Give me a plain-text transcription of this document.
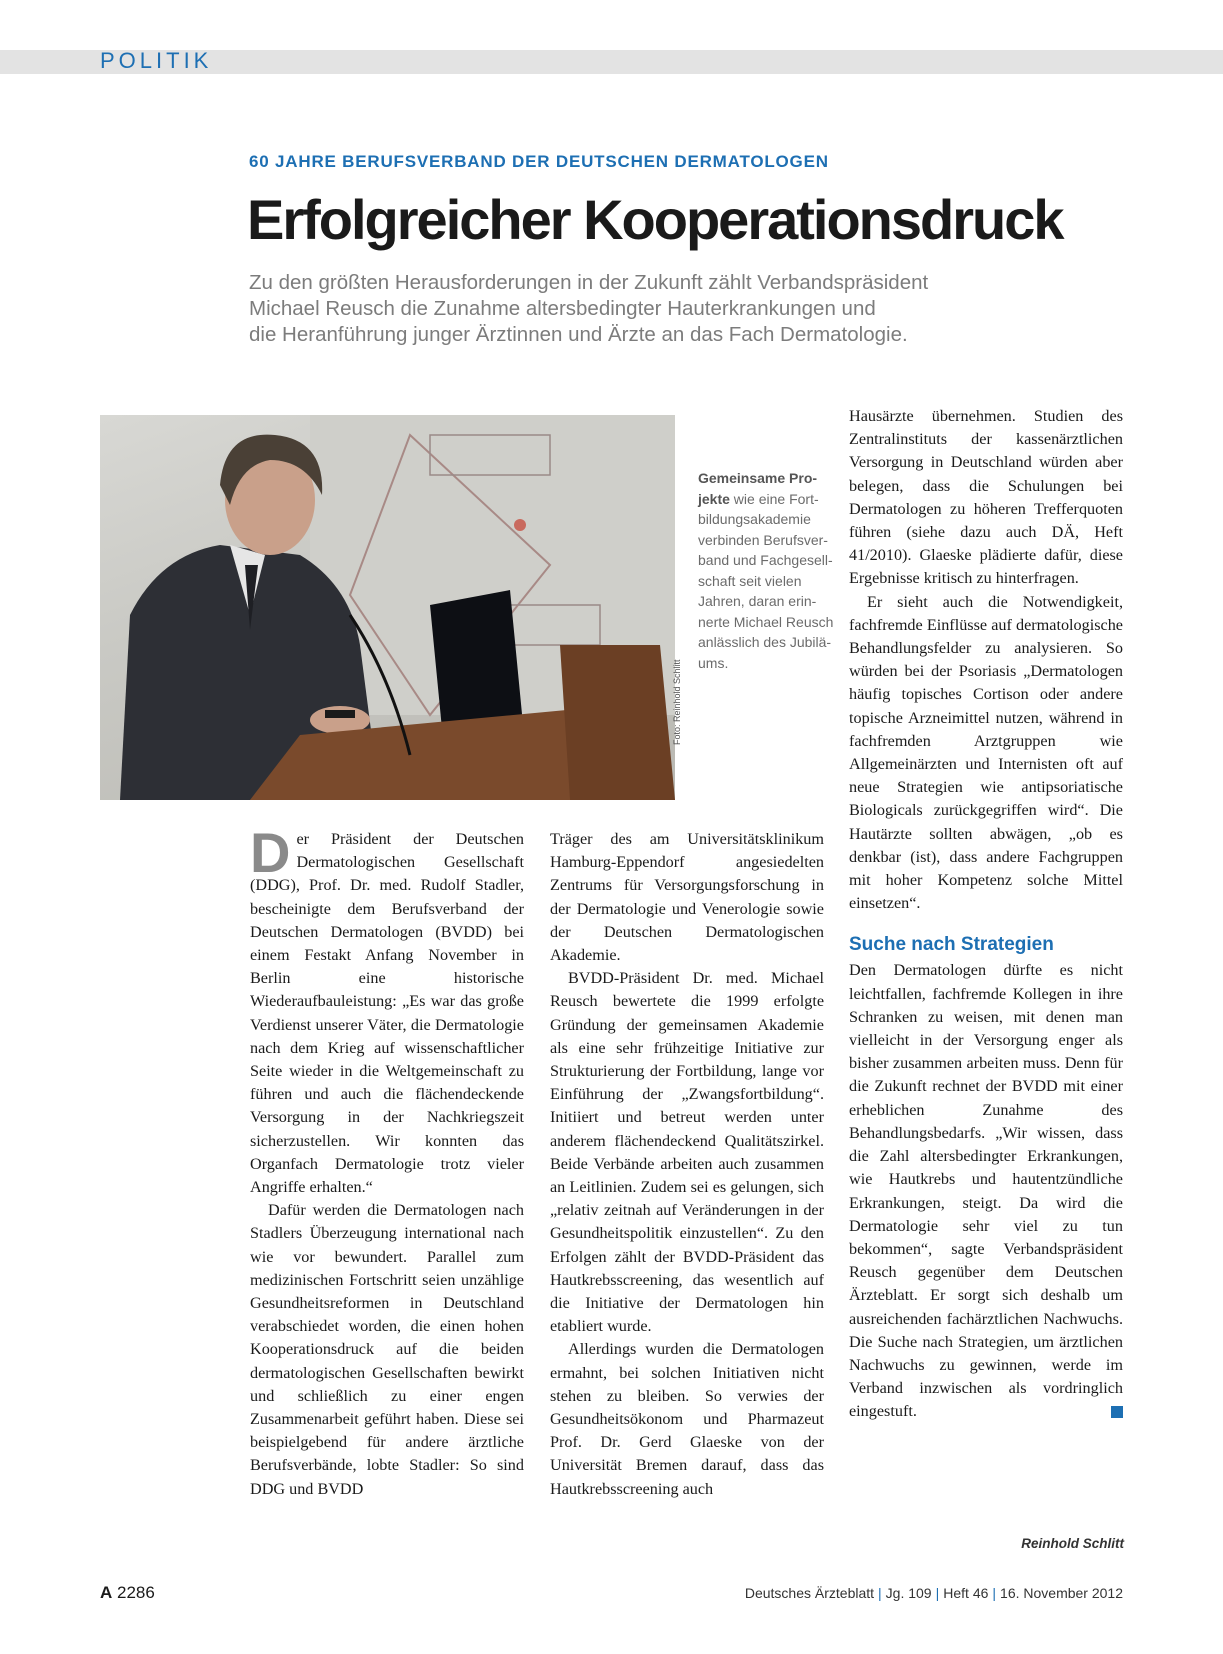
POLITIK
60 JAHRE BERUFSVERBAND DER DEUTSCHEN DERMATOLOGEN
Erfolgreicher Kooperationsdruck
Zu den größten Herausforderungen in der Zukunft zählt Verbandspräsident
Michael Reusch die Zunahme altersbedingter Hauterkrankungen und
die Heranführung junger Ärztinnen und Ärzte an das Fach Dermatologie.
Foto: Reinhold Schlitt
Gemeinsame Pro-
jekte wie eine Fort-
bildungsakademie
verbinden Berufsver-
band und Fachgesell-
schaft seit vielen
Jahren, daran erin-
nerte Michael Reusch
anlässlich des Jubilä-
ums.

Der Präsident der Deutschen Dermatologischen Gesellschaft (DDG), Prof. Dr. med. Rudolf Stadler, bescheinigte dem Berufsverband der Deutschen Dermatologen (BVDD) bei einem Festakt Anfang November in Berlin eine historische Wiederaufbauleistung: „Es war das große Verdienst unserer Väter, die Dermatologie nach dem Krieg auf wissenschaftlicher Seite wieder in die Weltgemeinschaft zu führen und auch die flächendeckende Versorgung in der Nachkriegszeit sicherzustellen. Wir konnten das Organfach Dermatologie trotz vieler Angriffe erhalten.“

Dafür werden die Dermatologen nach Stadlers Überzeugung international nach wie vor bewundert. Parallel zum medizinischen Fortschritt seien unzählige Gesundheitsreformen in Deutschland verabschiedet worden, die einen hohen Kooperationsdruck auf die beiden dermatologischen Gesellschaften bewirkt und schließlich zu einer engen Zusammenarbeit geführt haben. Diese sei beispielgebend für andere ärztliche Berufsverbände, lobte Stadler: So sind DDG und BVDD

Träger des am Universitätsklinikum Hamburg-Eppendorf angesiedelten Zentrums für Versorgungsforschung in der Dermatologie und Venerologie sowie der Deutschen Dermatologischen Akademie.

BVDD-Präsident Dr. med. Michael Reusch bewertete die 1999 erfolgte Gründung der gemeinsamen Akademie als eine sehr frühzeitige Initiative zur Strukturierung der Fortbildung, lange vor Einführung der „Zwangsfortbildung“. Initiiert und betreut werden unter anderem flächendeckend Qualitätszirkel. Beide Verbände arbeiten auch zusammen an Leitlinien. Zudem sei es gelungen, sich „relativ zeitnah auf Veränderungen in der Gesundheitspolitik einzustellen“. Zu den Erfolgen zählt der BVDD-Präsident das Hautkrebsscreening, das wesentlich auf die Initiative der Dermatologen hin etabliert wurde.

Allerdings wurden die Dermatologen ermahnt, bei solchen Initiativen nicht stehen zu bleiben. So verwies der Gesundheitsökonom und Pharmazeut Prof. Dr. Gerd Glaeske von der Universität Bremen darauf, dass das Hautkrebsscreening auch

Hausärzte übernehmen. Studien des Zentralinstituts der kassenärztlichen Versorgung in Deutschland würden aber belegen, dass die Schulungen bei Dermatologen zu höheren Trefferquoten führen (siehe dazu auch DÄ, Heft 41/2010). Glaeske plädierte dafür, diese Ergebnisse kritisch zu hinterfragen.

Er sieht auch die Notwendigkeit, fachfremde Einflüsse auf dermatologische Behandlungsfelder zu analysieren. So würden bei der Psoriasis „Dermatologen häufig topisches Cortison oder andere topische Arzneimittel nutzen, während in fachfremden Arztgruppen wie Allgemeinärzten und Internisten oft auf neue Strategien wie antipsoriatische Biologicals zurückgegriffen wird“. Die Hautärzte sollten abwägen, „ob es denkbar (ist), dass andere Fachgruppen mit hoher Kompetenz solche Mittel einsetzen“.

Suche nach Strategien

Den Dermatologen dürfte es nicht leichtfallen, fachfremde Kollegen in ihre Schranken zu weisen, mit denen man vielleicht in der Versorgung enger als bisher zusammen arbeiten muss. Denn für die Zukunft rechnet der BVDD mit einer erheblichen Zunahme des Behandlungsbedarfs. „Wir wissen, dass die Zahl altersbedingter Erkrankungen, wie Hautkrebs und hautentzündliche Erkrankungen, steigt. Da wird die Dermatologie sehr viel zu tun bekommen“, sagte Verbandspräsident Reusch gegenüber dem Deutschen Ärzteblatt. Er sorgt sich deshalb um ausreichenden fachärztlichen Nachwuchs. Die Suche nach Strategien, um ärztlichen Nachwuchs zu gewinnen, werde im Verband inzwischen als vordringlich eingestuft.

Reinhold Schlitt
A 2286	Deutsches Ärzteblatt | Jg. 109 | Heft 46 | 16. November 2012
